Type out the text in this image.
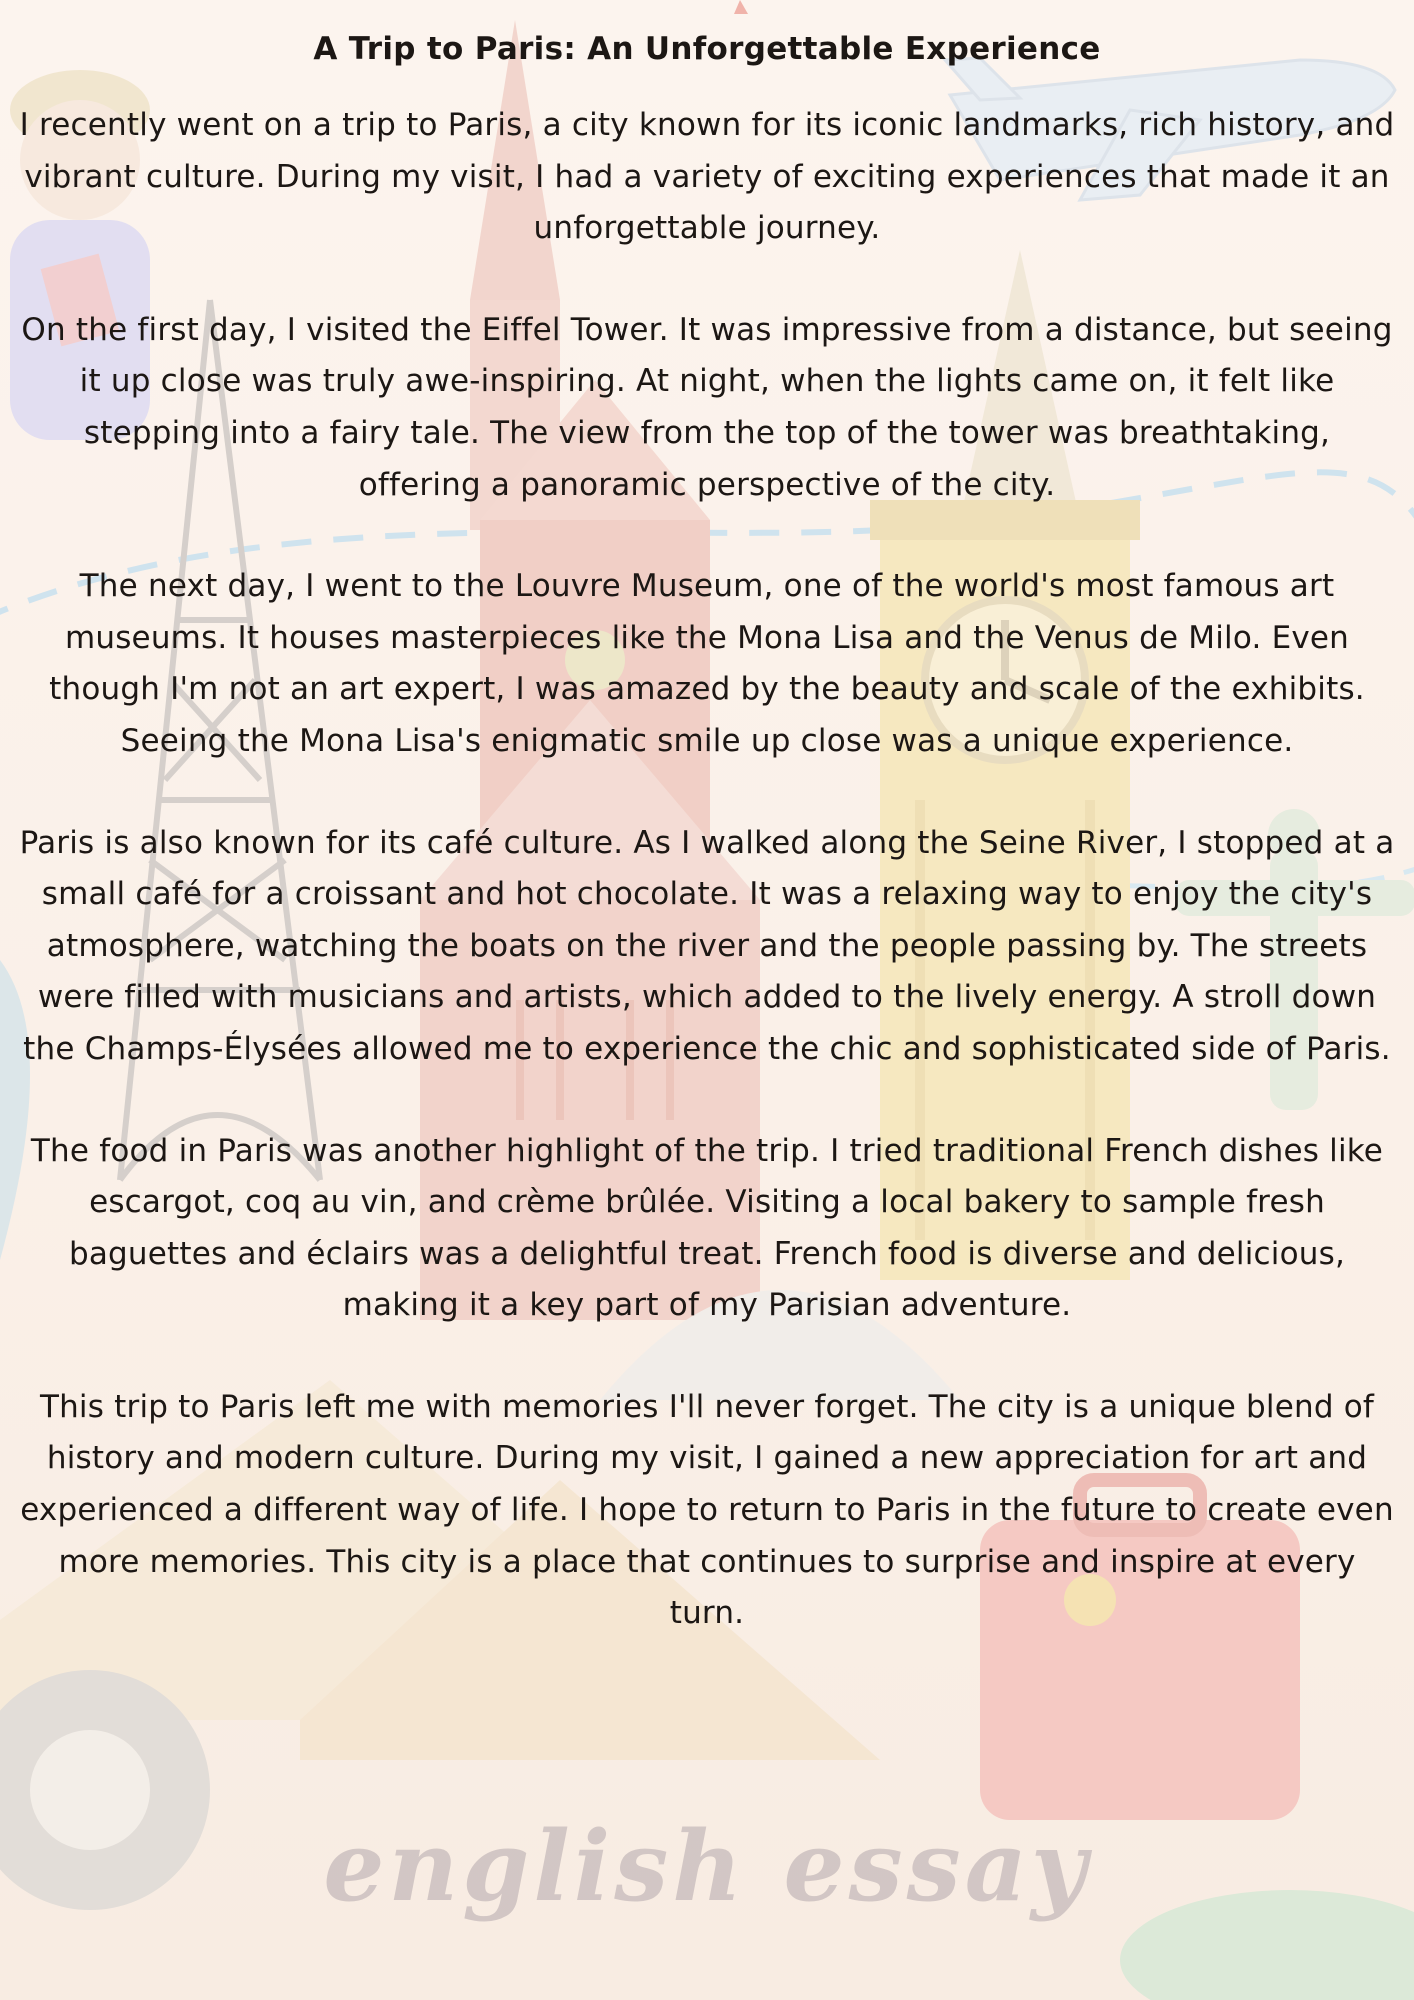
A Trip to Paris: An Unforgettable Experience

I recently went on a trip to Paris, a city known for its iconic landmarks, rich history, and vibrant culture. During my visit, I had a variety of exciting experiences that made it an unforgettable journey.

On the first day, I visited the Eiffel Tower. It was impressive from a distance, but seeing it up close was truly awe-inspiring. At night, when the lights came on, it felt like stepping into a fairy tale. The view from the top of the tower was breathtaking, offering a panoramic perspective of the city.

The next day, I went to the Louvre Museum, one of the world's most famous art museums. It houses masterpieces like the Mona Lisa and the Venus de Milo. Even though I'm not an art expert, I was amazed by the beauty and scale of the exhibits. Seeing the Mona Lisa's enigmatic smile up close was a unique experience.

Paris is also known for its café culture. As I walked along the Seine River, I stopped at a small café for a croissant and hot chocolate. It was a relaxing way to enjoy the city's atmosphere, watching the boats on the river and the people passing by. The streets were filled with musicians and artists, which added to the lively energy. A stroll down the Champs-Élysées allowed me to experience the chic and sophisticated side of Paris.

The food in Paris was another highlight of the trip. I tried traditional French dishes like escargot, coq au vin, and crème brûlée. Visiting a local bakery to sample fresh baguettes and éclairs was a delightful treat. French food is diverse and delicious, making it a key part of my Parisian adventure.

This trip to Paris left me with memories I'll never forget. The city is a unique blend of history and modern culture. During my visit, I gained a new appreciation for art and experienced a different way of life. I hope to return to Paris in the future to create even more memories. This city is a place that continues to surprise and inspire at every turn.

english essay
